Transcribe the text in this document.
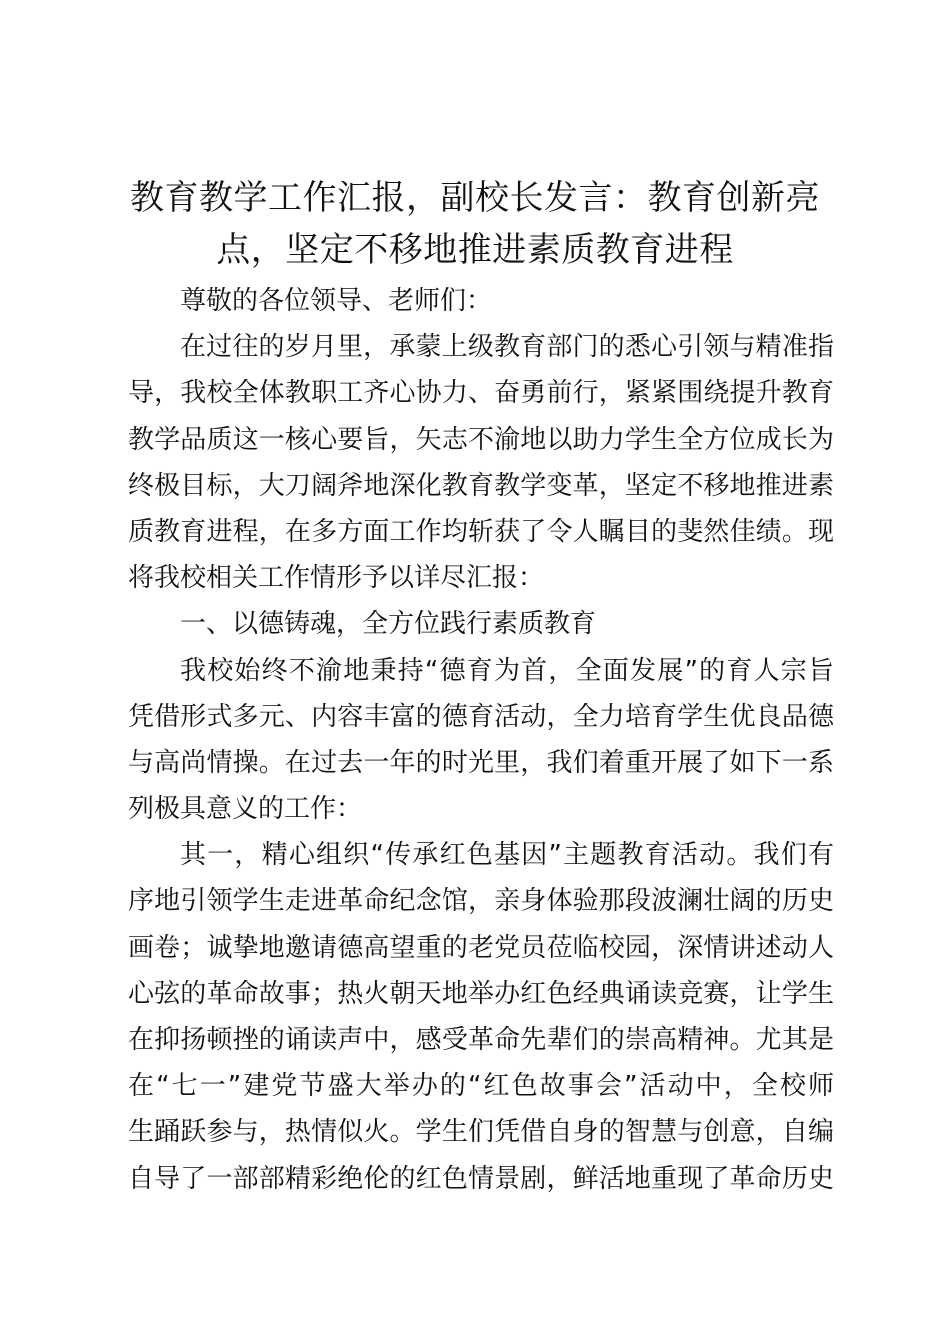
教育教学工作汇报，副校长发言：教育创新亮
点，坚定不移地推进素质教育进程
尊敬的各位领导、老师们：
在过往的岁月里，承蒙上级教育部门的悉心引领与精准指
导，我校全体教职工齐心协力、奋勇前行，紧紧围绕提升教育
教学品质这一核心要旨，矢志不渝地以助力学生全方位成长为
终极目标，大刀阔斧地深化教育教学变革，坚定不移地推进素
质教育进程，在多方面工作均斩获了令人瞩目的斐然佳绩。现
将我校相关工作情形予以详尽汇报：
一、以德铸魂，全方位践行素质教育
我校始终不渝地秉持“德育为首，全面发展”的育人宗旨
凭借形式多元、内容丰富的德育活动，全力培育学生优良品德
与高尚情操。在过去一年的时光里，我们着重开展了如下一系
列极具意义的工作：
其一，精心组织“传承红色基因”主题教育活动。我们有
序地引领学生走进革命纪念馆，亲身体验那段波澜壮阔的历史
画卷；诚挚地邀请德高望重的老党员莅临校园，深情讲述动人
心弦的革命故事；热火朝天地举办红色经典诵读竞赛，让学生
在抑扬顿挫的诵读声中，感受革命先辈们的崇高精神。尤其是
在“七一”建党节盛大举办的“红色故事会”活动中，全校师
生踊跃参与，热情似火。学生们凭借自身的智慧与创意，自编
自导了一部部精彩绝伦的红色情景剧，鲜活地重现了革命历史
